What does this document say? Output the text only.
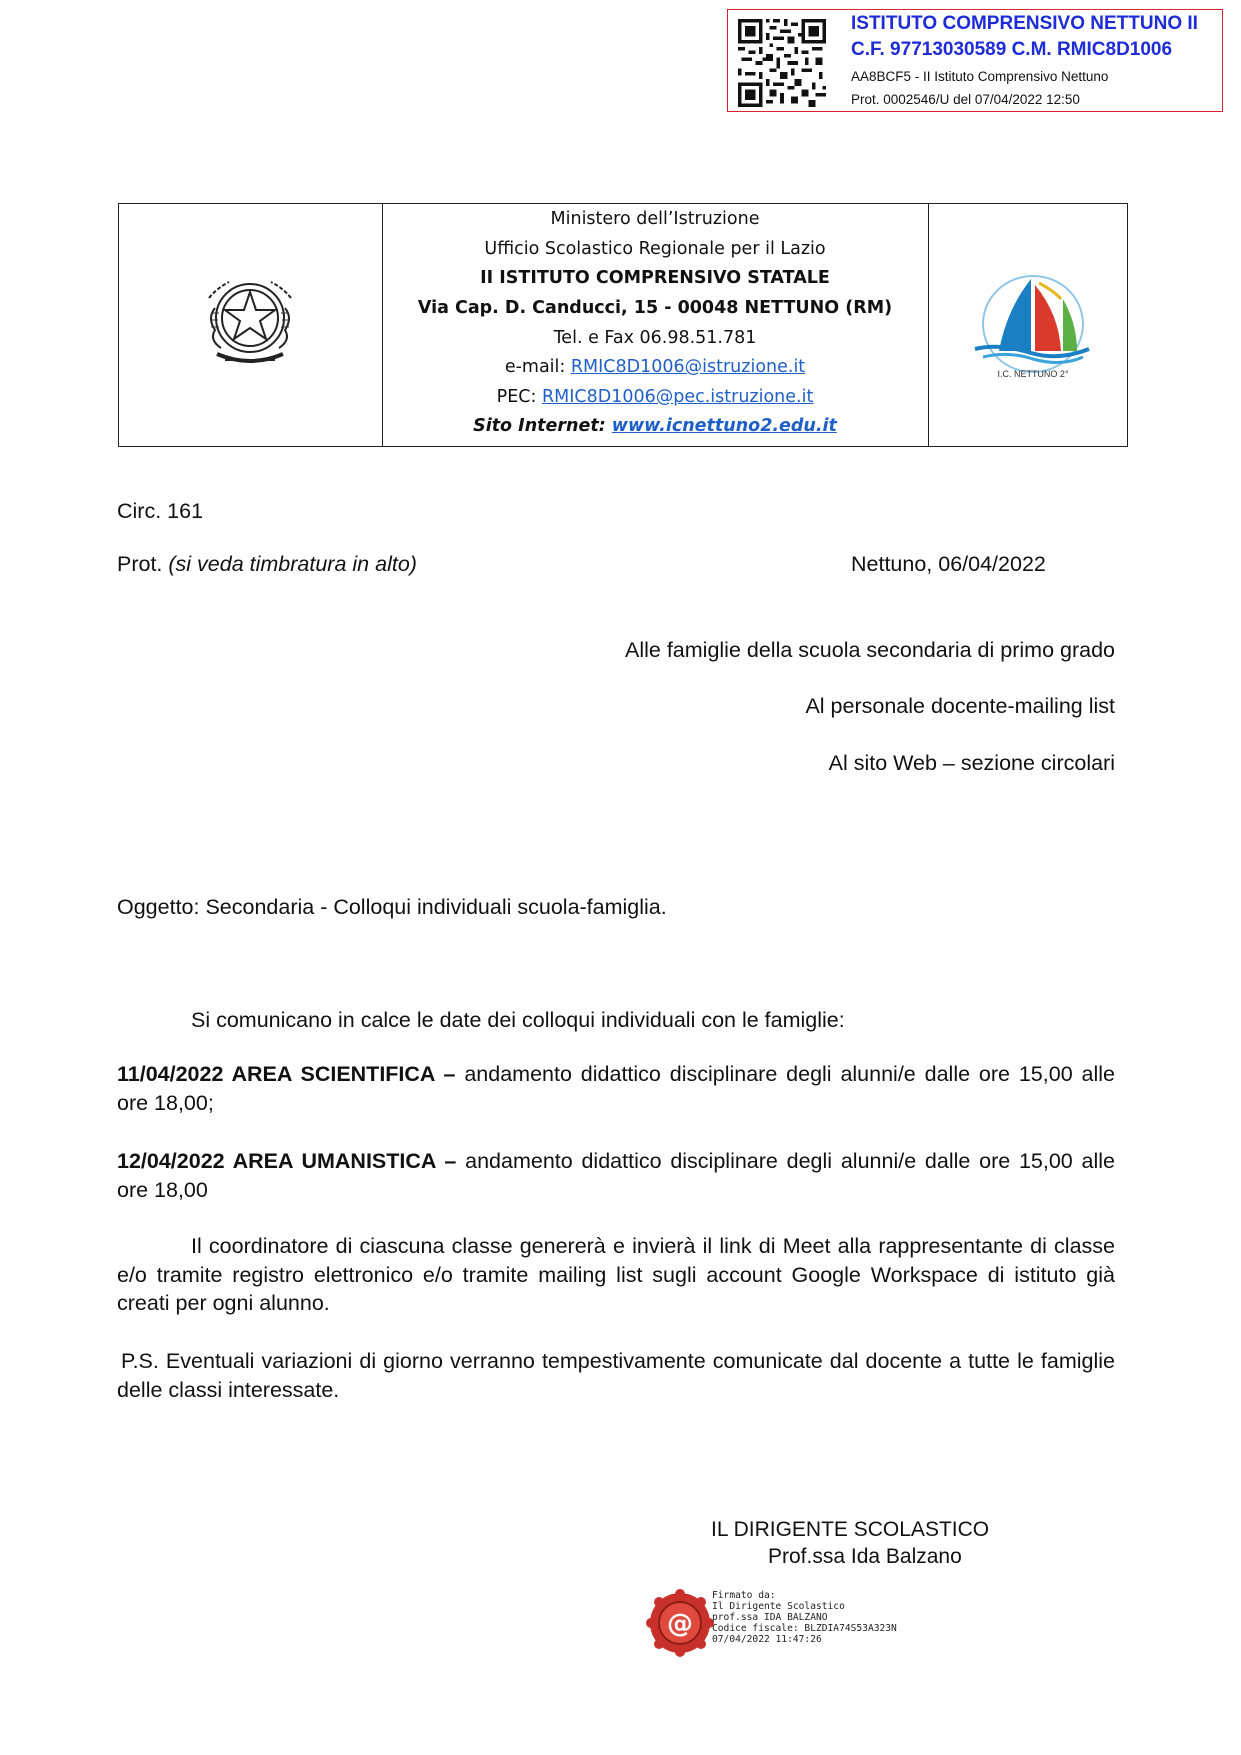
ISTITUTO COMPRENSIVO NETTUNO II
C.F. 97713030589 C.M. RMIC8D1006
AA8BCF5 - II Istituto Comprensivo Nettuno
Prot. 0002546/U del 07/04/2022 12:50
Ministero dell’Istruzione
Ufficio Scolastico Regionale per il Lazio
II ISTITUTO COMPRENSIVO STATALE
Via Cap. D. Canducci, 15 - 00048 NETTUNO (RM)
Tel. e Fax 06.98.51.781
e-mail: RMIC8D1006@istruzione.it
PEC: RMIC8D1006@pec.istruzione.it
Sito Internet: www.icnettuno2.edu.it
I.C. NETTUNO 2°
Circ. 161
Prot. (si veda timbratura in alto)	Nettuno, 06/04/2022
Alle famiglie della scuola secondaria di primo grado
Al personale docente-mailing list
Al sito Web – sezione circolari
Oggetto: Secondaria - Colloqui individuali scuola-famiglia.
Si comunicano in calce le date dei colloqui individuali con le famiglie:
11/04/2022 AREA SCIENTIFICA – andamento didattico disciplinare degli alunni/e dalle ore 15,00 alle ore 18,00;
12/04/2022 AREA UMANISTICA – andamento didattico disciplinare degli alunni/e dalle ore 15,00 alle ore 18,00
Il coordinatore di ciascuna classe genererà e invierà il link di Meet alla rappresentante di classe e/o tramite registro elettronico e/o tramite mailing list sugli account Google Workspace di istituto già creati per ogni alunno.
P.S. Eventuali variazioni di giorno verranno tempestivamente comunicate dal docente a tutte le famiglie delle classi interessate.
IL DIRIGENTE SCOLASTICO
Prof.ssa Ida Balzano
@
Firmato da:
Il Dirigente Scolastico
prof.ssa IDA BALZANO
Codice fiscale: BLZDIA74S53A323N
07/04/2022 11:47:26
